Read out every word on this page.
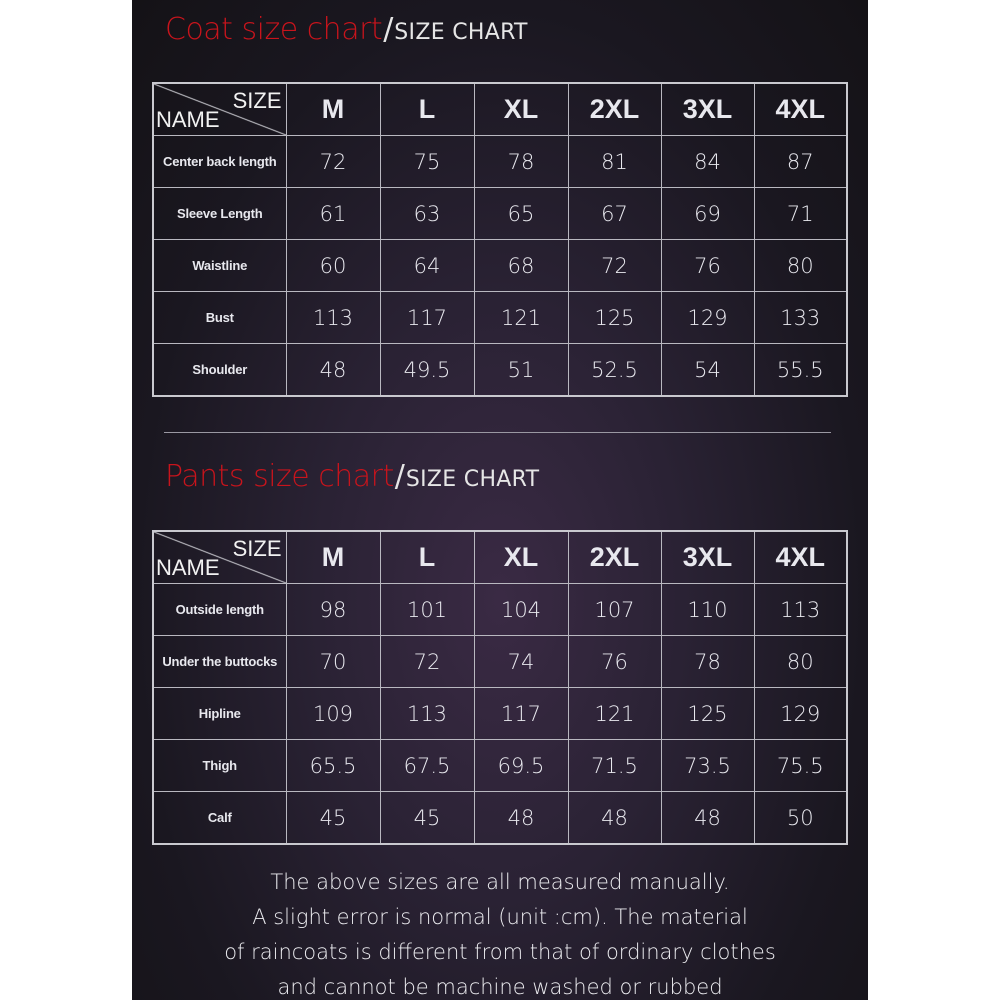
Coat size chart / SIZE CHART
SIZE
NAME	M	L	XL	2XL	3XL	4XL
Center back length	72	75	78	81	84	87
Sleeve Length	61	63	65	67	69	71
Waistline	60	64	68	72	76	80
Bust	113	117	121	125	129	133
Shoulder	48	49.5	51	52.5	54	55.5
Pants size chart / SIZE CHART
SIZE
NAME	M	L	XL	2XL	3XL	4XL
Outside length	98	101	104	107	110	113
Under the buttocks	70	72	74	76	78	80
Hipline	109	113	117	121	125	129
Thigh	65.5	67.5	69.5	71.5	73.5	75.5
Calf	45	45	48	48	48	50
The above sizes are all measured manually.
A slight error is normal (unit :cm). The material
of raincoats is different from that of ordinary clothes
and cannot be machine washed or rubbed
